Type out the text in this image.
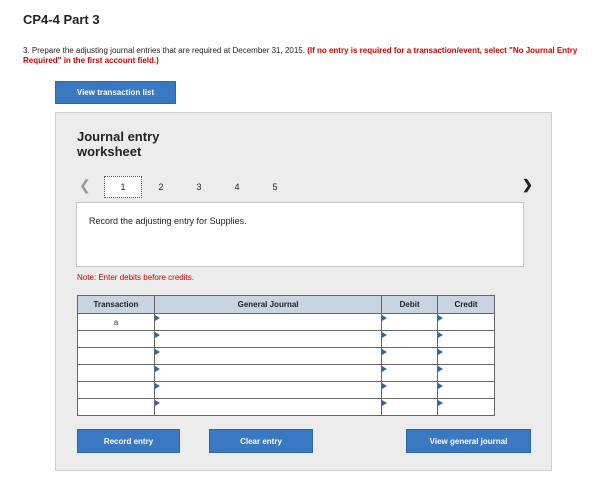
CP4-4 Part 3
3. Prepare the adjusting journal entries that are required at December 31, 2015. (If no entry is required for a transaction/event, select "No Journal Entry Required" in the first account field.)
View transaction list
Journal entry worksheet
❮	1	2	3	4	5	❯
Record the adjusting entry for Supplies.
Note: Enter debits before credits.
Transaction	General Journal	Debit	Credit
a	

Record entry	Clear entry	View general journal
